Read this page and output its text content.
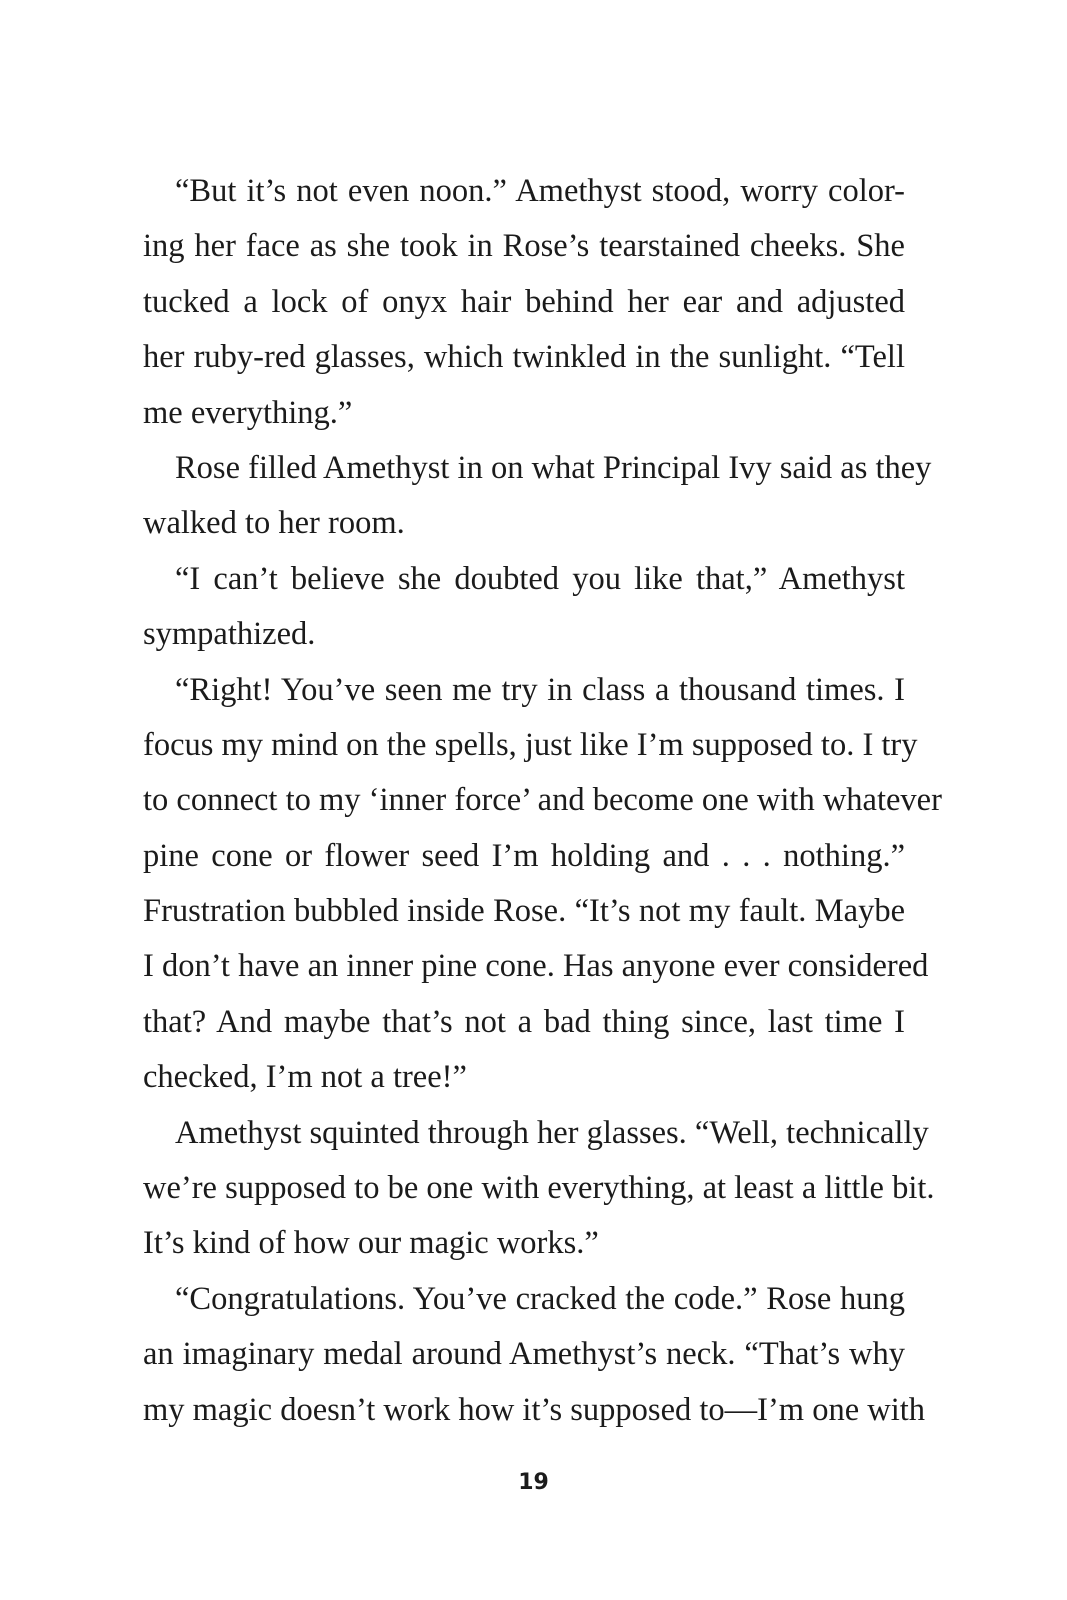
“But it’s not even noon.” Amethyst stood, worry color-
ing her face as she took in Rose’s tearstained cheeks. She
tucked a lock of onyx hair behind her ear and adjusted
her ruby-red glasses, which twinkled in the sunlight. “Tell
me everything.”
Rose filled Amethyst in on what Principal Ivy said as they
walked to her room.
“I can’t believe she doubted you like that,” Amethyst
sympathized.
“Right! You’ve seen me try in class a thousand times. I
focus my mind on the spells, just like I’m supposed to. I try
to connect to my ‘inner force’ and become one with whatever
pine cone or flower seed I’m holding and . . . nothing.”
Frustration bubbled inside Rose. “It’s not my fault. Maybe
I don’t have an inner pine cone. Has anyone ever considered
that? And maybe that’s not a bad thing since, last time I
checked, I’m not a tree!”
Amethyst squinted through her glasses. “Well, technically
we’re supposed to be one with everything, at least a little bit.
It’s kind of how our magic works.”
“Congratulations. You’ve cracked the code.” Rose hung
an imaginary medal around Amethyst’s neck. “That’s why
my magic doesn’t work how it’s supposed to—I’m one with
19
